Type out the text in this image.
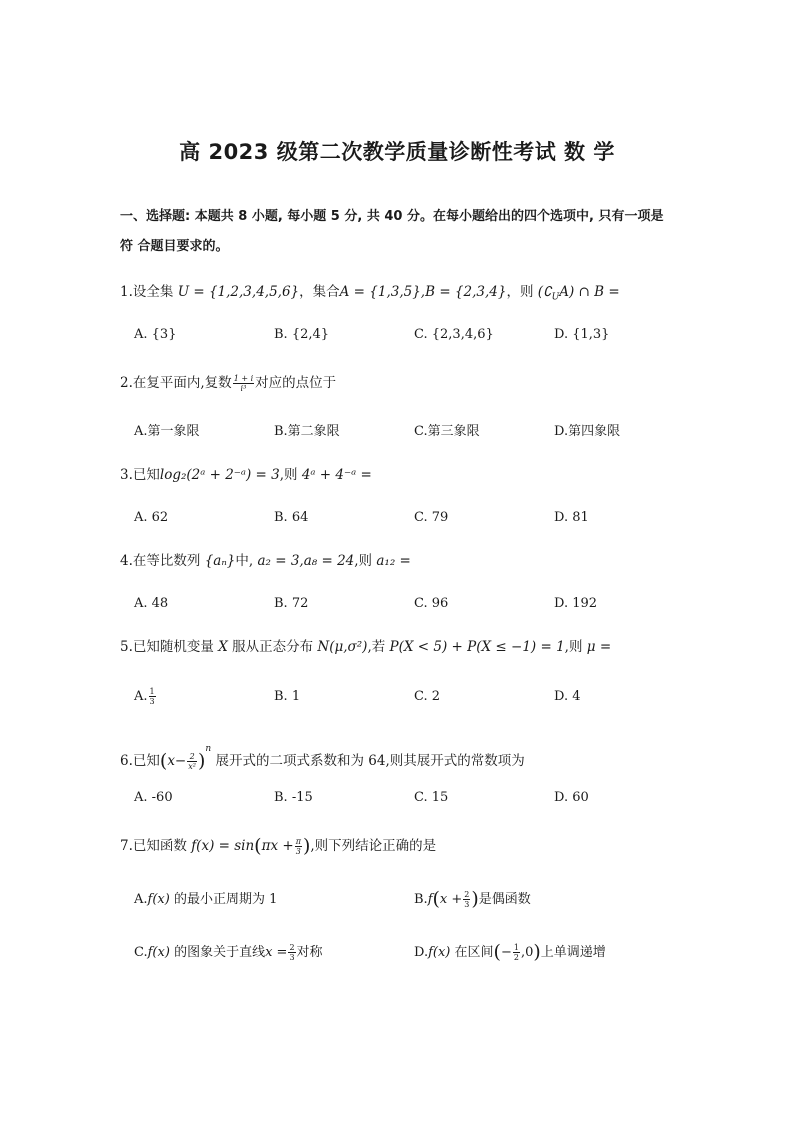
高 2023 级第二次教学质量诊断性考试 数 学
一、选择题: 本题共 8 小题, 每小题 5 分, 共 40 分。在每小题给出的四个选项中, 只有一项是
符 合题目要求的。
1.设全集 U = {1,2,3,4,5,6}，集合A = {1,3,5},B = {2,3,4}，则 $(∁_UA)$ ∩ B =
A. {3}	B. {2,4}	C. {2,3,4,6}	D. {1,3}
2.在复平面内,复数 $\frac{1 + i}{\text{i³}}$ 对应的点位于
A.第一象限	B.第二象限	C.第三象限	D.第四象限
3.已知log₂(2ᵃ + 2⁻ᵃ) = 3,则 4ᵃ + 4⁻ᵃ =
A. 62	B. 64	C. 79	D. 81
4.在等比数列 {aₙ}中, a₂ = 3,a₈ = 24,则 a₁₂ =
A. 48	B. 72	C. 96	D. 192
5.已知随机变量 X 服从正态分布 N(μ,σ²),若 P(X < 5) + P(X ≤ −1) = 1,则 μ =
A. $\frac{1}{3}$	B. 1	C. 2	D. 4
6.已知$(x- \frac{2}{\text{x²}} )^n$ 展开式的二项式系数和为 64,则其展开式的常数项为
A. -60	B. -15	C. 15	D. 60
7.已知函数 $f(x) = \sin(\pi x + \frac{\pi}{3}$ ),则下列结论正确的是
A.f(x) 的最小正周期为 1	$B.f(x + \frac{2}{3}$ )是偶函数
C.f(x) 的图象关于直线$x = \frac{2}{3}$ 对称	D.f(x) 在区间(− $\frac{1}{2} ,0$)上单调递增
